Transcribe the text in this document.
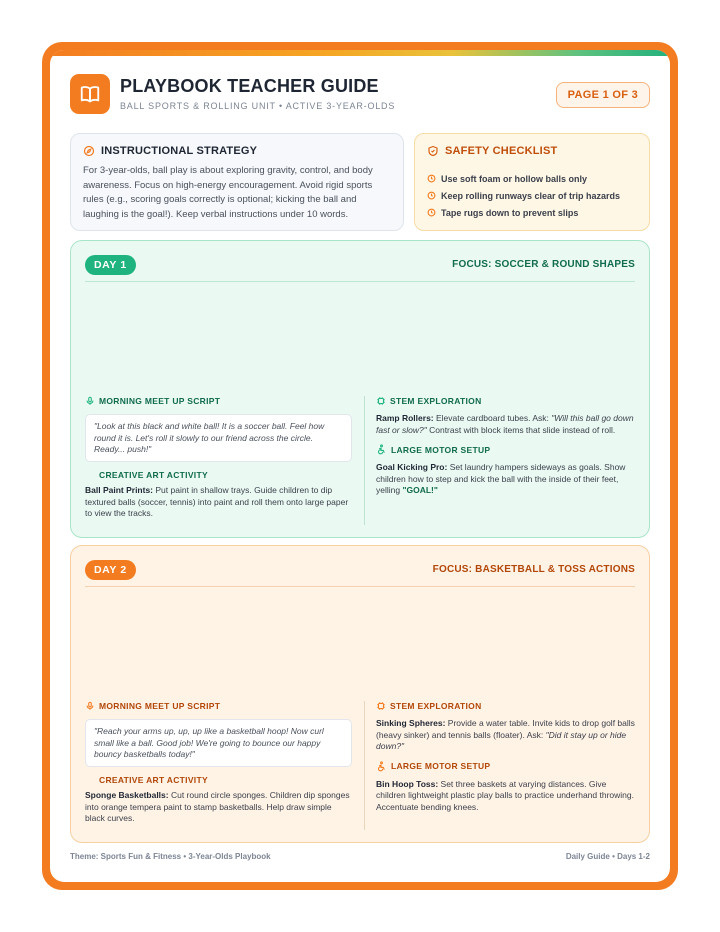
PLAYBOOK TEACHER GUIDE
BALL SPORTS & ROLLING UNIT • ACTIVE 3-YEAR-OLDS
PAGE 1 OF 3
INSTRUCTIONAL STRATEGY

For 3-year-olds, ball play is about exploring gravity, control, and body awareness. Focus on high-energy encouragement. Avoid rigid sports rules (e.g., scoring goals correctly is optional; kicking the ball and laughing is the goal!). Keep verbal instructions under 10 words.

SAFETY CHECKLIST
Use soft foam or hollow balls only
Keep rolling runways clear of trip hazards
Tape rugs down to prevent slips
DAY 1	FOCUS: SOCCER & ROUND SHAPES
MORNING MEET UP SCRIPT
"Look at this black and white ball! It is a soccer ball. Feel how round it is. Let's roll it slowly to our friend across the circle. Ready... push!"
CREATIVE ART ACTIVITY

Ball Paint Prints: Put paint in shallow trays. Guide children to dip textured balls (soccer, tennis) into paint and roll them onto large paper to view the tracks.

STEM EXPLORATION

Ramp Rollers: Elevate cardboard tubes. Ask: "Will this ball go down fast or slow?" Contrast with block items that slide instead of roll.

LARGE MOTOR SETUP

Goal Kicking Pro: Set laundry hampers sideways as goals. Show children how to step and kick the ball with the inside of their feet, yelling "GOAL!"

DAY 2	FOCUS: BASKETBALL & TOSS ACTIONS
MORNING MEET UP SCRIPT
"Reach your arms up, up, up like a basketball hoop! Now curl small like a ball. Good job! We're going to bounce our happy bouncy basketballs today!"
CREATIVE ART ACTIVITY

Sponge Basketballs: Cut round circle sponges. Children dip sponges into orange tempera paint to stamp basketballs. Help draw simple black curves.

STEM EXPLORATION

Sinking Spheres: Provide a water table. Invite kids to drop golf balls (heavy sinker) and tennis balls (floater). Ask: "Did it stay up or hide down?"

LARGE MOTOR SETUP

Bin Hoop Toss: Set three baskets at varying distances. Give children lightweight plastic play balls to practice underhand throwing. Accentuate bending knees.

Theme: Sports Fun & Fitness • 3-Year-Olds Playbook	Daily Guide • Days 1-2
